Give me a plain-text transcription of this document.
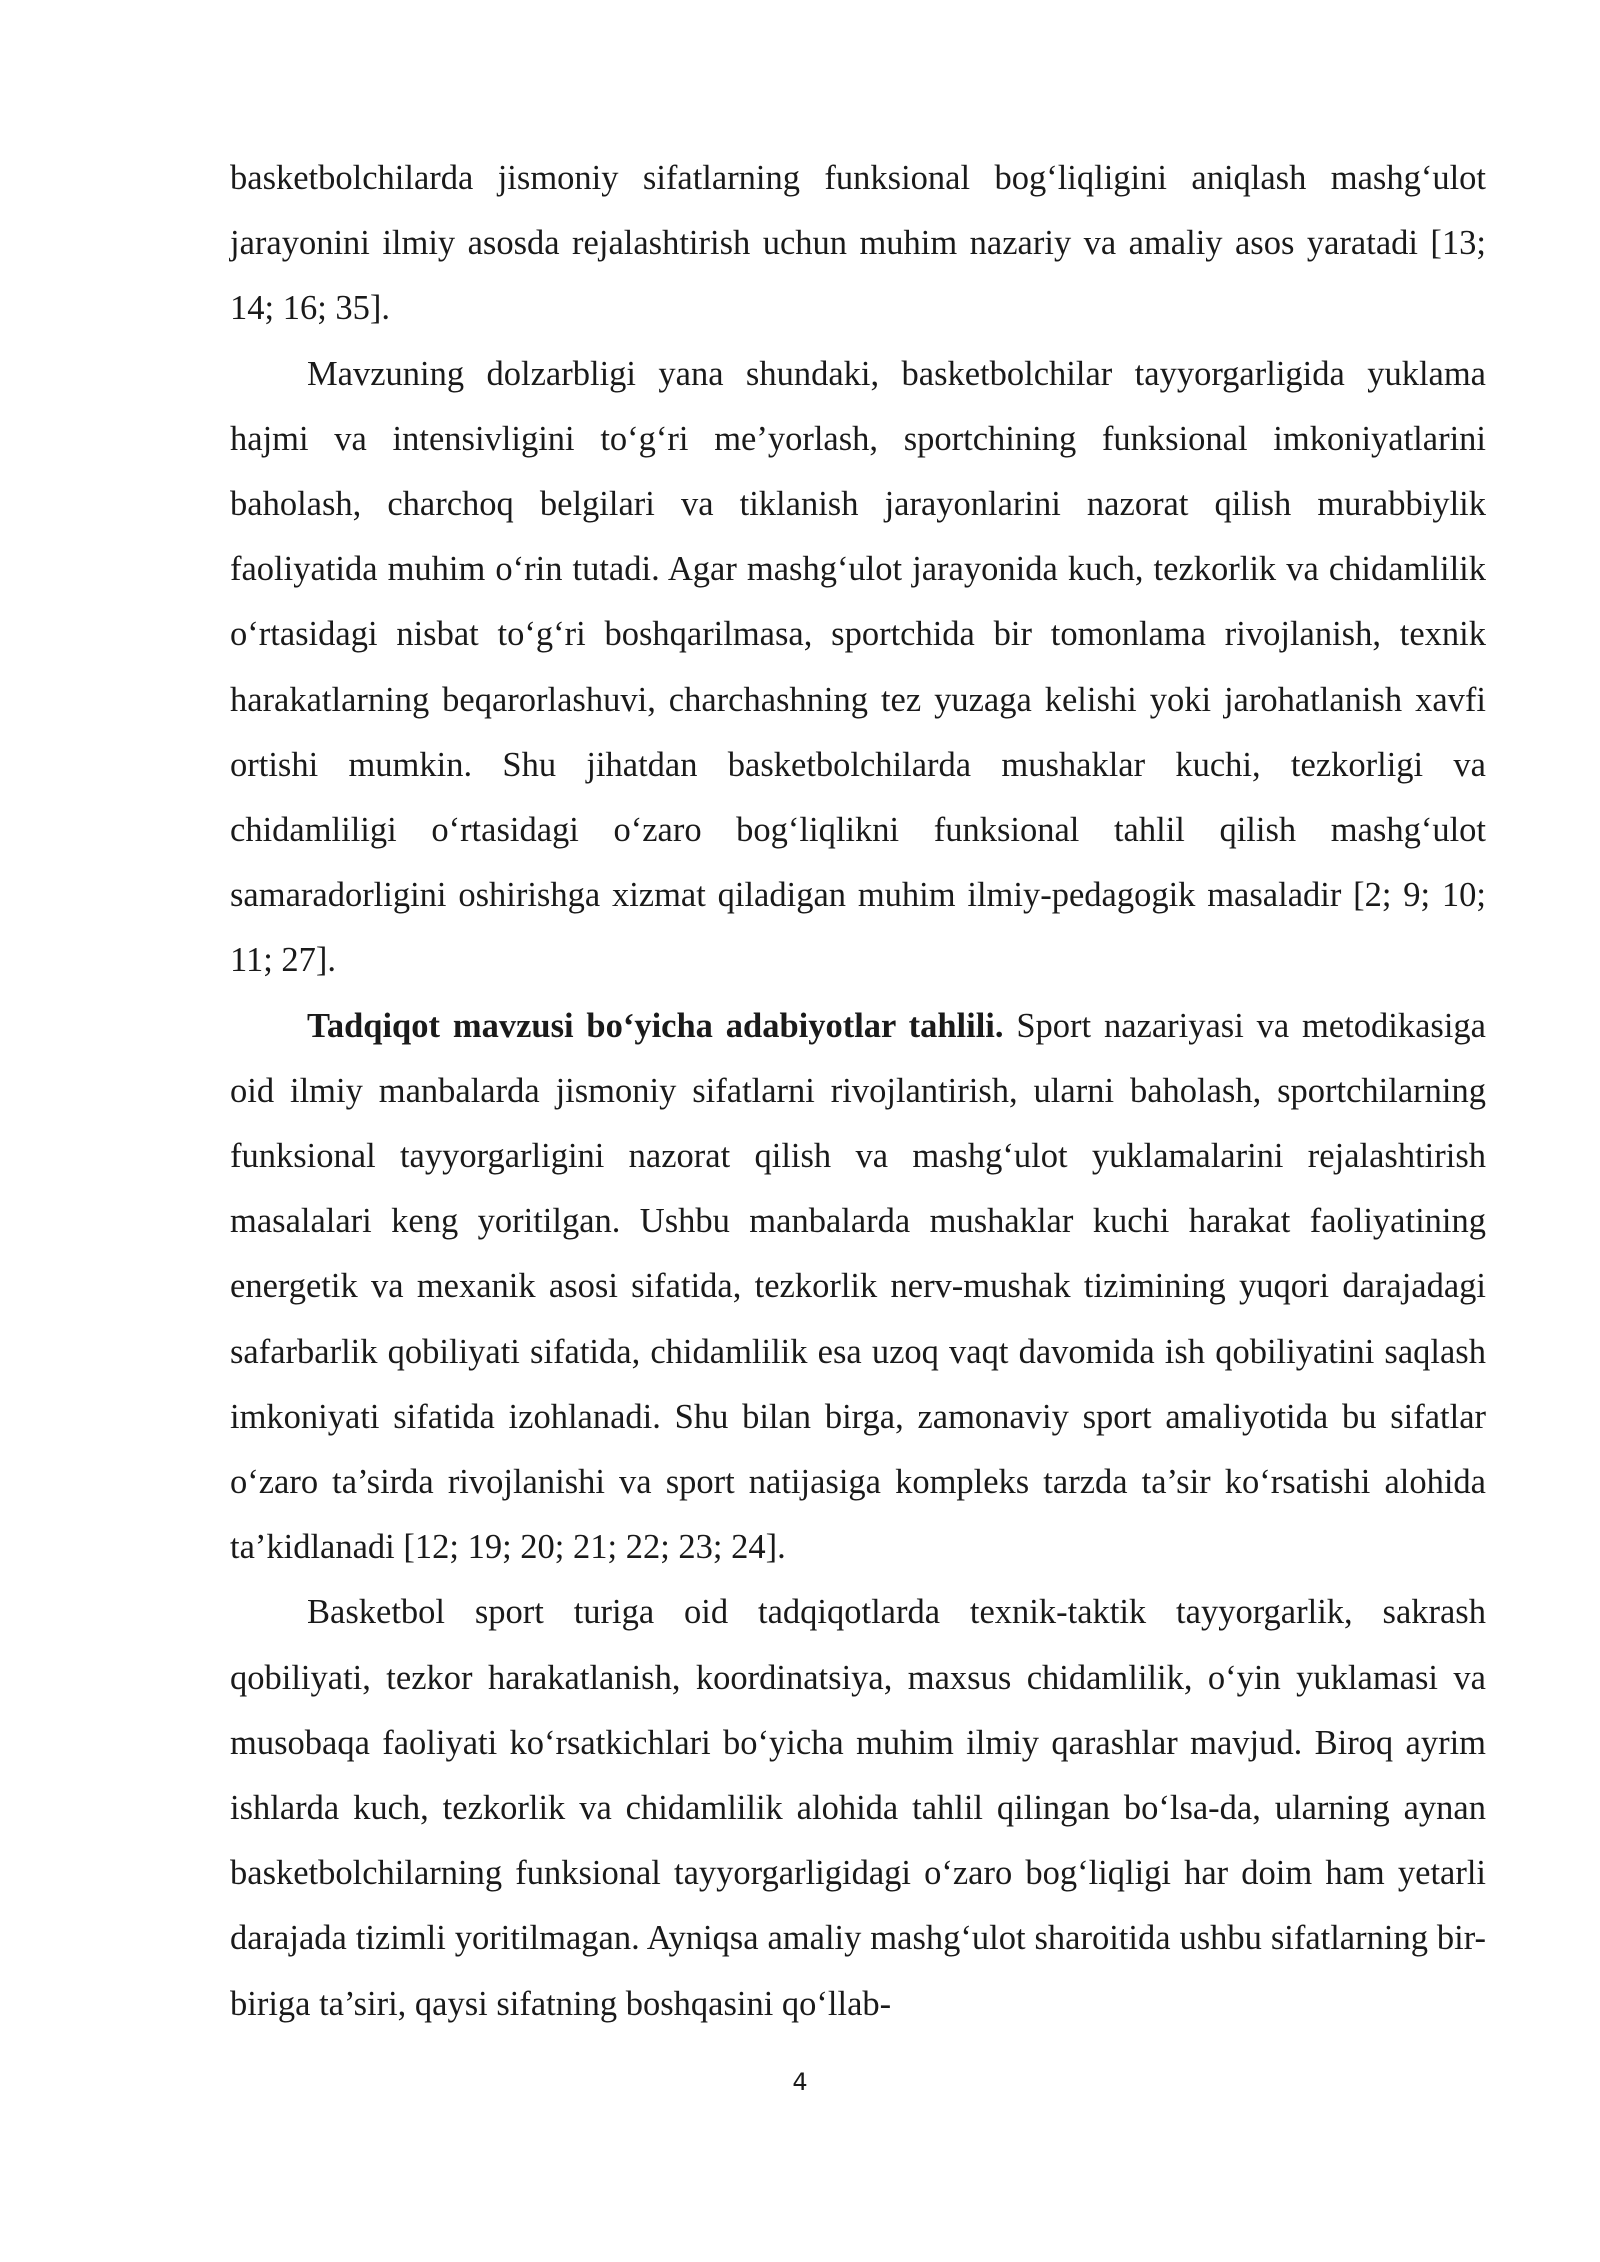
basketbolchilarda jismoniy sifatlarning funksional bog‘liqligini aniqlash mashg‘ulot jarayonini ilmiy asosda rejalashtirish uchun muhim nazariy va amaliy asos yaratadi [13; 14; 16; 35].

Mavzuning dolzarbligi yana shundaki, basketbolchilar tayyorgarligida yuklama hajmi va intensivligini to‘g‘ri me’yorlash, sportchining funksional imkoniyatlarini baholash, charchoq belgilari va tiklanish jarayonlarini nazorat qilish murabbiylik faoliyatida muhim o‘rin tutadi. Agar mashg‘ulot jarayonida kuch, tezkorlik va chidamlilik o‘rtasidagi nisbat to‘g‘ri boshqarilmasa, sportchida bir tomonlama rivojlanish, texnik harakatlarning beqarorlashuvi, charchashning tez yuzaga kelishi yoki jarohatlanish xavfi ortishi mumkin. Shu jihatdan basketbolchilarda mushaklar kuchi, tezkorligi va chidamliligi o‘rtasidagi o‘zaro bog‘liqlikni funksional tahlil qilish mashg‘ulot samaradorligini oshirishga xizmat qiladigan muhim ilmiy-pedagogik masaladir [2; 9; 10; 11; 27].

Tadqiqot mavzusi bo‘yicha adabiyotlar tahlili. Sport nazariyasi va metodikasiga oid ilmiy manbalarda jismoniy sifatlarni rivojlantirish, ularni baholash, sportchilarning funksional tayyorgarligini nazorat qilish va mashg‘ulot yuklamalarini rejalashtirish masalalari keng yoritilgan. Ushbu manbalarda mushaklar kuchi harakat faoliyatining energetik va mexanik asosi sifatida, tezkorlik nerv-mushak tizimining yuqori darajadagi safarbarlik qobiliyati sifatida, chidamlilik esa uzoq vaqt davomida ish qobiliyatini saqlash imkoniyati sifatida izohlanadi. Shu bilan birga, zamonaviy sport amaliyotida bu sifatlar o‘zaro ta’sirda rivojlanishi va sport natijasiga kompleks tarzda ta’sir ko‘rsatishi alohida ta’kidlanadi [12; 19; 20; 21; 22; 23; 24].

Basketbol sport turiga oid tadqiqotlarda texnik-taktik tayyorgarlik, sakrash qobiliyati, tezkor harakatlanish, koordinatsiya, maxsus chidamlilik, o‘yin yuklamasi va musobaqa faoliyati ko‘rsatkichlari bo‘yicha muhim ilmiy qarashlar mavjud. Biroq ayrim ishlarda kuch, tezkorlik va chidamlilik alohida tahlil qilingan bo‘lsa-da, ularning aynan basketbolchilarning funksional tayyorgarligidagi o‘zaro bog‘liqligi har doim ham yetarli darajada tizimli yoritilmagan. Ayniqsa amaliy mashg‘ulot sharoitida ushbu sifatlarning bir-biriga ta’siri, qaysi sifatning boshqasini qo‘llab-

4
